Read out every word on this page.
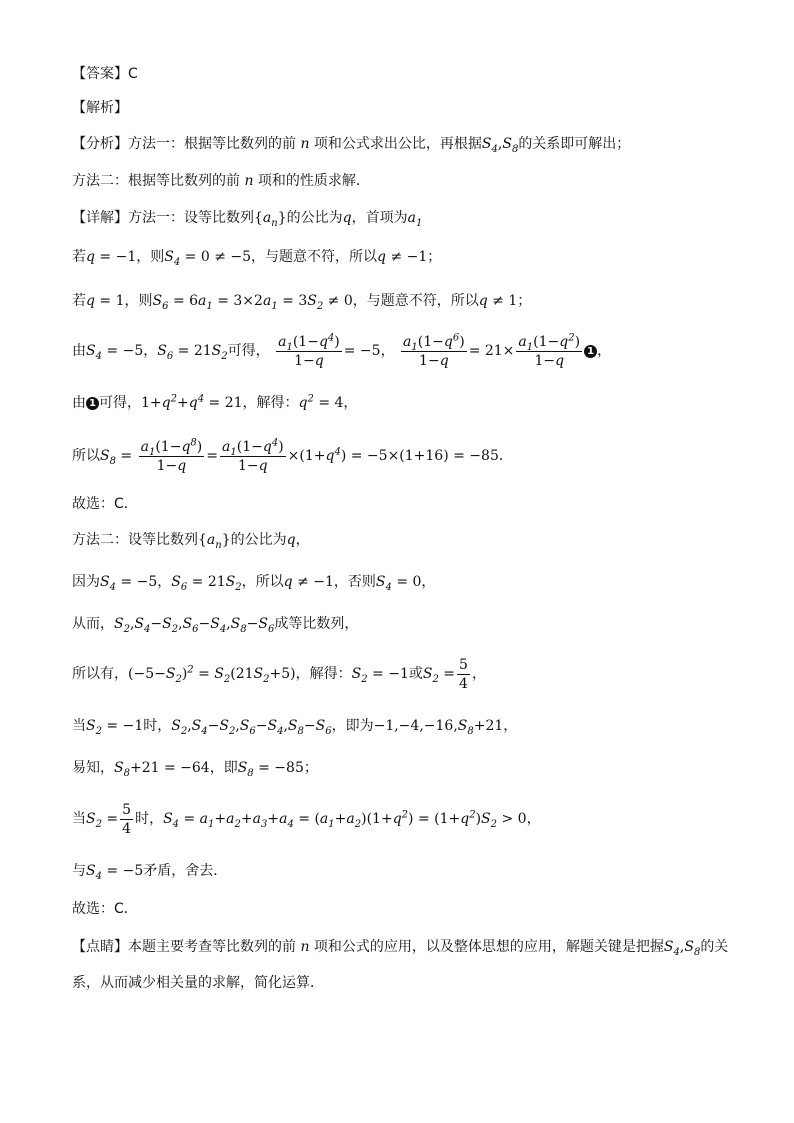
【答案】C
【解析】
【分析】方法一：根据等比数列的前 n 项和公式求出公比，再根据$S_4,S_8$的关系即可解出；
方法二：根据等比数列的前 n 项和的性质求解．
【详解】方法一：设等比数列$\{a_n\}$的公比为q，首项为$a_1$
若q = −1，则$S_4 = 0 \ne -5$，与题意不符，所以q ≠ −1；
若q = 1，则$S_6 = 6a_1 = 3\times 2a_1 = 3S_2 \ne 0$，与题意不符，所以q ≠ 1；
由$S_4 = -5$，$S_6 = 21S_2$可得， $\frac{a_1(1-q^4)}{1-q} = -5$， $\frac{a_1(1-q^6)}{1-q} = 21\times \frac{a_1(1-q^2)}{1-q} 1$ ，
由 1 可得，$1+q^2+q^4 = 21$，解得：$q^2 = 4$，
所以$S_8 = \frac{a_1(1-q^8)}{1-q} = \frac{a_1(1-q^4)}{1-q} \times(1+q^4) = -5\times(1+16) = -85$．
故选：C．
方法二：设等比数列$\{a_n\}$的公比为q，
因为$S_4 = -5$，$S_6 = 21S_2$，所以q ≠ −1，否则$S_4 = 0$，
从而，$S_2,S_4-S_2,S_6-S_4,S_8-S_6$成等比数列，
所以有，$(-5-S_2)^2 = S_2(21S_2+5)$，解得：$S_2 = -1$或$S_2 = \frac{5}{4}$ ，
当$S_2 = -1$时，$S_2,S_4-S_2,S_6-S_4,S_8-S_6$，即为$-1,-4,-16,S_8+21$，
易知，$S_8+21 = -64$，即$S_8 = -85$；
当$S_2 = \frac{5}{4}$ 时，$S_4 = a_1+a_2+a_3+a_4 = (a_1+a_2)(1+q^2) = (1+q^2)S_2 > 0$，
与$S_4 = -5$矛盾，舍去．
故选：C．
【点睛】本题主要考查等比数列的前 n 项和公式的应用，以及整体思想的应用，解题关键是把握$S_4,S_8$的关
系，从而减少相关量的求解，简化运算．
